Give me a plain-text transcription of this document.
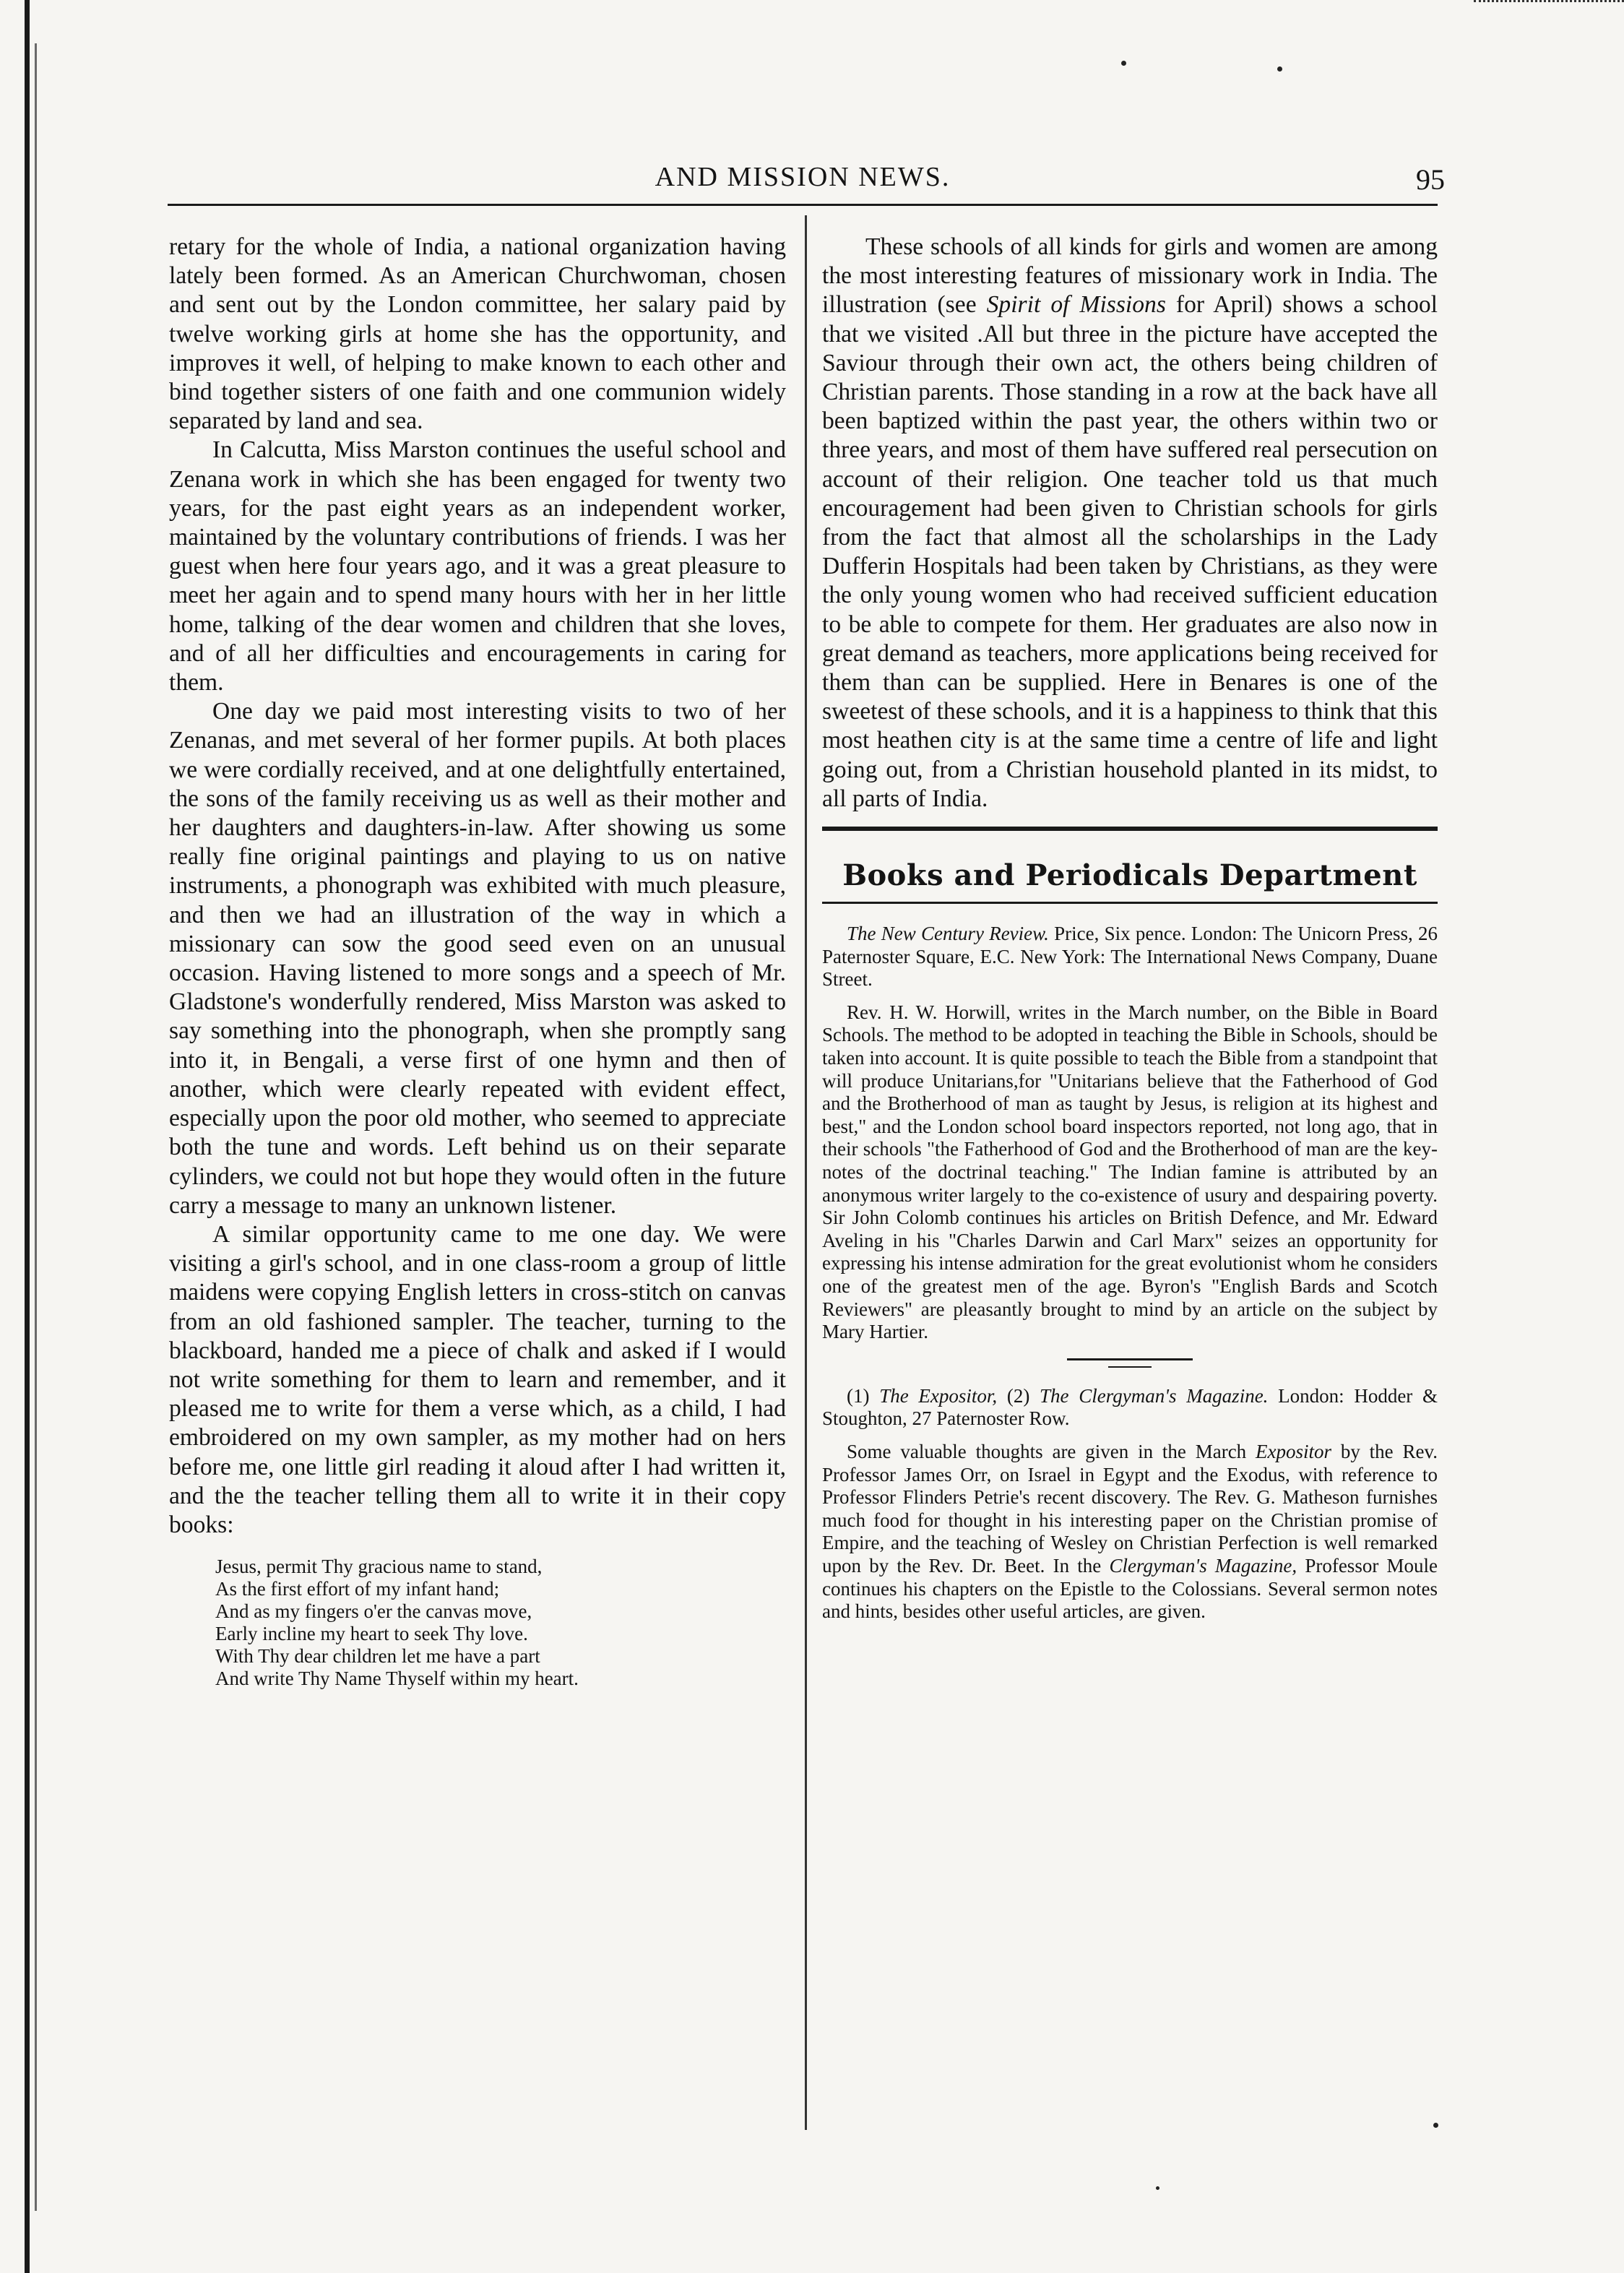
AND MISSION NEWS.	95

retary for the whole of India, a national organization having lately been formed. As an American Churchwoman, chosen and sent out by the London committee, her salary paid by twelve working girls at home she has the opportunity, and improves it well, of helping to make known to each other and bind together sisters of one faith and one communion widely separated by land and sea.

In Calcutta, Miss Marston continues the useful school and Zenana work in which she has been engaged for twenty two years, for the past eight years as an independent worker, maintained by the voluntary contributions of friends. I was her guest when here four years ago, and it was a great pleasure to meet her again and to spend many hours with her in her little home, talking of the dear women and children that she loves, and of all her difficulties and encouragements in caring for them.

One day we paid most interesting visits to two of her Zenanas, and met several of her former pupils. At both places we were cordially received, and at one delightfully entertained, the sons of the family receiving us as well as their mother and her daughters and daughters-in-law. After showing us some really fine original paintings and playing to us on native instruments, a phonograph was exhibited with much pleasure, and then we had an illustration of the way in which a missionary can sow the good seed even on an unusual occasion. Having listened to more songs and a speech of Mr. Gladstone's wonderfully rendered, Miss Marston was asked to say something into the phonograph, when she promptly sang into it, in Bengali, a verse first of one hymn and then of another, which were clearly repeated with evident effect, especially upon the poor old mother, who seemed to appreciate both the tune and words. Left behind us on their separate cylinders, we could not but hope they would often in the future carry a message to many an unknown listener.

A similar opportunity came to me one day. We were visiting a girl's school, and in one class-room a group of little maidens were copying English letters in cross-stitch on canvas from an old fashioned sampler. The teacher, turning to the blackboard, handed me a piece of chalk and asked if I would not write something for them to learn and remember, and it pleased me to write for them a verse which, as a child, I had embroidered on my own sampler, as my mother had on hers before me, one little girl reading it aloud after I had written it, and the the teacher telling them all to write it in their copy books:

Jesus, permit Thy gracious name to stand,
As the first effort of my infant hand;
And as my fingers o'er the canvas move,
Early incline my heart to seek Thy love.
With Thy dear children let me have a part
And write Thy Name Thyself within my heart.

These schools of all kinds for girls and women are among the most interesting features of missionary work in India. The illustration (see Spirit of Missions for April) shows a school that we visited .All but three in the picture have accepted the Saviour through their own act, the others being children of Christian parents. Those standing in a row at the back have all been baptized within the past year, the others within two or three years, and most of them have suffered real persecution on account of their religion. One teacher told us that much encouragement had been given to Christian schools for girls from the fact that almost all the scholarships in the Lady Dufferin Hospitals had been taken by Christians, as they were the only young women who had received sufficient education to be able to compete for them. Her graduates are also now in great demand as teachers, more applications being received for them than can be supplied. Here in Benares is one of the sweetest of these schools, and it is a happiness to think that this most heathen city is at the same time a centre of life and light going out, from a Christian household planted in its midst, to all parts of India.

Books and Periodicals Department

The New Century Review. Price, Six pence. London: The Unicorn Press, 26 Paternoster Square, E.C. New York: The International News Company, Duane Street.

Rev. H. W. Horwill, writes in the March number, on the Bible in Board Schools. The method to be adopted in teaching the Bible in Schools, should be taken into account. It is quite possible to teach the Bible from a standpoint that will produce Unitarians,for "Unitarians believe that the Fatherhood of God and the Brotherhood of man as taught by Jesus, is religion at its highest and best," and the London school board inspectors reported, not long ago, that in their schools "the Fatherhood of God and the Brotherhood of man are the key-notes of the doctrinal teaching." The Indian famine is attributed by an anonymous writer largely to the co-existence of usury and despairing poverty. Sir John Colomb continues his articles on British Defence, and Mr. Edward Aveling in his "Charles Darwin and Carl Marx" seizes an opportunity for expressing his intense admiration for the great evolutionist whom he considers one of the greatest men of the age. Byron's "English Bards and Scotch Reviewers" are pleasantly brought to mind by an article on the subject by Mary Hartier.

(1) The Expositor, (2) The Clergyman's Magazine. London: Hodder & Stoughton, 27 Paternoster Row.

Some valuable thoughts are given in the March Expositor by the Rev. Professor James Orr, on Israel in Egypt and the Exodus, with reference to Professor Flinders Petrie's recent discovery. The Rev. G. Matheson furnishes much food for thought in his interesting paper on the Christian promise of Empire, and the teaching of Wesley on Christian Perfection is well remarked upon by the Rev. Dr. Beet. In the Clergyman's Magazine, Professor Moule continues his chapters on the Epistle to the Colossians. Several sermon notes and hints, besides other useful articles, are given.
